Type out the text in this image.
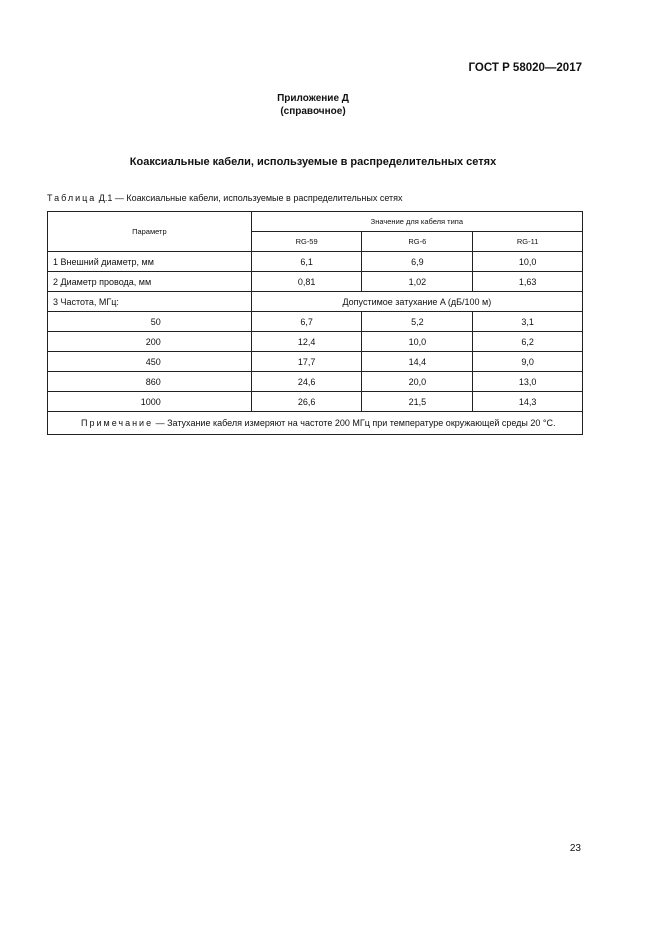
ГОСТ Р 58020—2017
Приложение Д
(справочное)
Коаксиальные кабели, используемые в распределительных сетях
Таблица Д.1 — Коаксиальные кабели, используемые в распределительных сетях
Параметр	Значение для кабеля типа		
	RG-59	RG-6	RG-11
1 Внешний диаметр, мм	6,1	6,9	10,0
2 Диаметр провода, мм	0,81	1,02	1,63
3 Частота, МГц:	Допустимое затухание A (дБ/100 м)		
50	6,7	5,2	3,1
200	12,4	10,0	6,2
450	17,7	14,4	9,0
860	24,6	20,0	13,0
1000	26,6	21,5	14,3
Примечание — Затухание кабеля измеряют на частоте 200 МГц при температуре окружающей среды 20 °С.			
23
